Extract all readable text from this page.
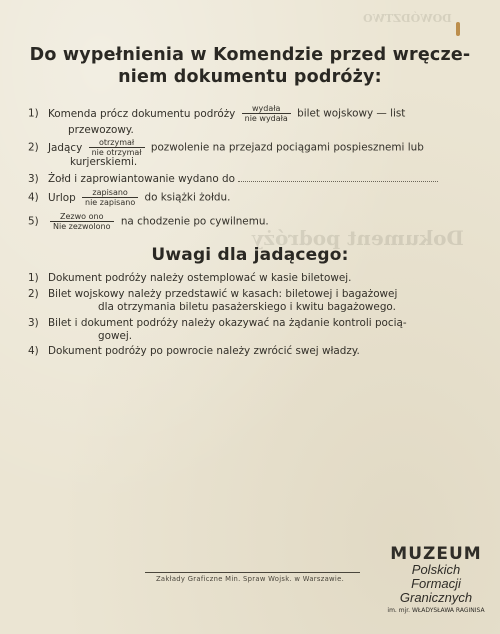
DOWÓDZTWO
Dokument podróży
Do wypełnienia w Komendzie przed wręcze-
niem dokumentu podróży:
1) Komenda prócz dokumentu podróży $\frac{\text{wydała}}{\text{nie wydała}}$ bilet wojskowy — list
przewozowy.
2) Jadący $\frac{\text{otrzymał}}{\text{nie otrzymał}}$ pozwolenie na przejazd pociągami pospiesznemi lub
kurjerskiemi.
3) Żołd i zaprowiantowanie wydano do
4) Urlop $\frac{\text{zapisano}}{\text{nie zapisano}}$ do książki żołdu.
$5) \frac{\text{Zezwo ono}}{\text{Nie zezwolono}}$ na chodzenie po cywilnemu.
Uwagi dla jadącego:
1) Dokument podróży należy ostemplować w kasie biletowej.
2) Bilet wojskowy należy przedstawić w kasach: biletowej i bagażowej
dla otrzymania biletu pasażerskiego i kwitu bagażowego.
3) Bilet i dokument podróży należy okazywać na żądanie kontroli pocią-
gowej.
4) Dokument podróży po powrocie należy zwrócić swej władzy.
Zakłady Graficzne Min. Spraw Wojsk. w Warszawie.
MUZEUM
Polskich
Formacji
Granicznych
im. mjr. WŁADYSŁAWA RAGINISA
